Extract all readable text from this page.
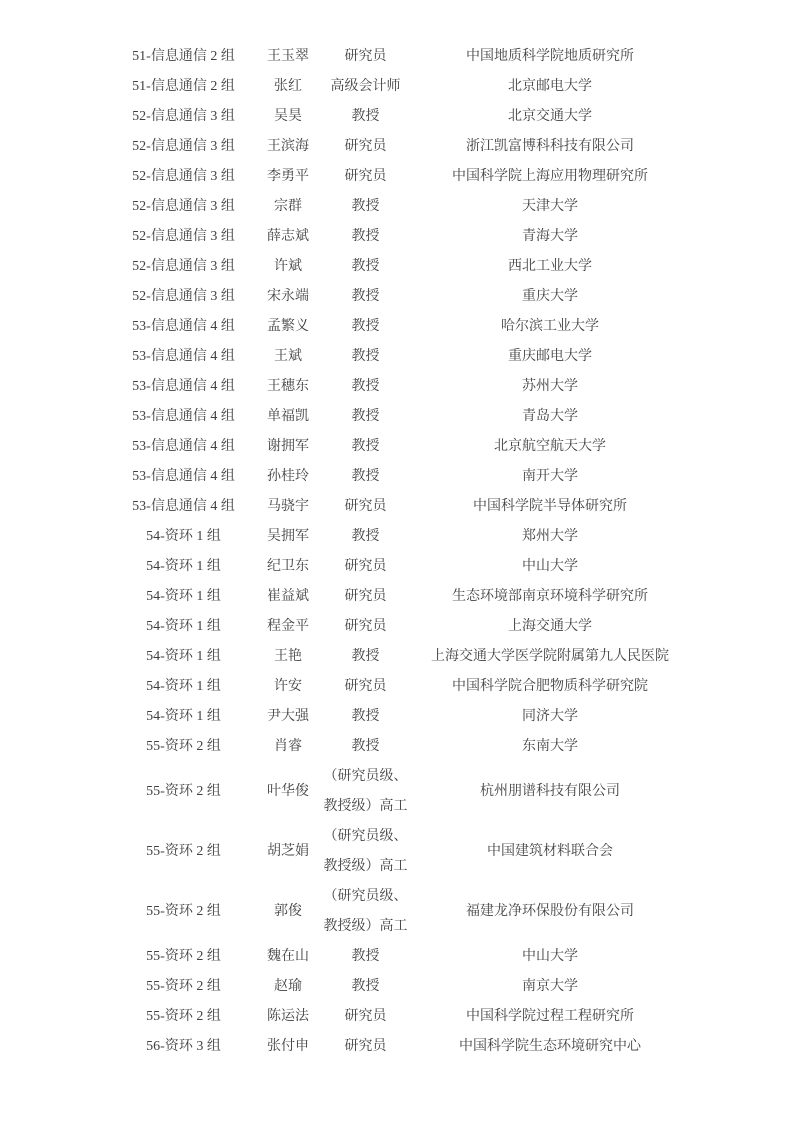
51-信息通信 2 组	王玉翠	研究员	中国地质科学院地质研究所
51-信息通信 2 组	张红	高级会计师	北京邮电大学
52-信息通信 3 组	吴昊	教授	北京交通大学
52-信息通信 3 组	王滨海	研究员	浙江凯富博科科技有限公司
52-信息通信 3 组	李勇平	研究员	中国科学院上海应用物理研究所
52-信息通信 3 组	宗群	教授	天津大学
52-信息通信 3 组	薛志斌	教授	青海大学
52-信息通信 3 组	许斌	教授	西北工业大学
52-信息通信 3 组	宋永端	教授	重庆大学
53-信息通信 4 组	孟繁义	教授	哈尔滨工业大学
53-信息通信 4 组	王斌	教授	重庆邮电大学
53-信息通信 4 组	王穗东	教授	苏州大学
53-信息通信 4 组	单福凯	教授	青岛大学
53-信息通信 4 组	谢拥军	教授	北京航空航天大学
53-信息通信 4 组	孙桂玲	教授	南开大学
53-信息通信 4 组	马骁宇	研究员	中国科学院半导体研究所
54-资环 1 组	吴拥军	教授	郑州大学
54-资环 1 组	纪卫东	研究员	中山大学
54-资环 1 组	崔益斌	研究员	生态环境部南京环境科学研究所
54-资环 1 组	程金平	研究员	上海交通大学
54-资环 1 组	王艳	教授	上海交通大学医学院附属第九人民医院
54-资环 1 组	许安	研究员	中国科学院合肥物质科学研究院
54-资环 1 组	尹大强	教授	同济大学
55-资环 2 组	肖睿	教授	东南大学
55-资环 2 组	叶华俊	（研究员级、教授级）高工	杭州朋谱科技有限公司
55-资环 2 组	胡芝娟	（研究员级、教授级）高工	中国建筑材料联合会
55-资环 2 组	郭俊	（研究员级、教授级）高工	福建龙净环保股份有限公司
55-资环 2 组	魏在山	教授	中山大学
55-资环 2 组	赵瑜	教授	南京大学
55-资环 2 组	陈运法	研究员	中国科学院过程工程研究所
56-资环 3 组	张付申	研究员	中国科学院生态环境研究中心
